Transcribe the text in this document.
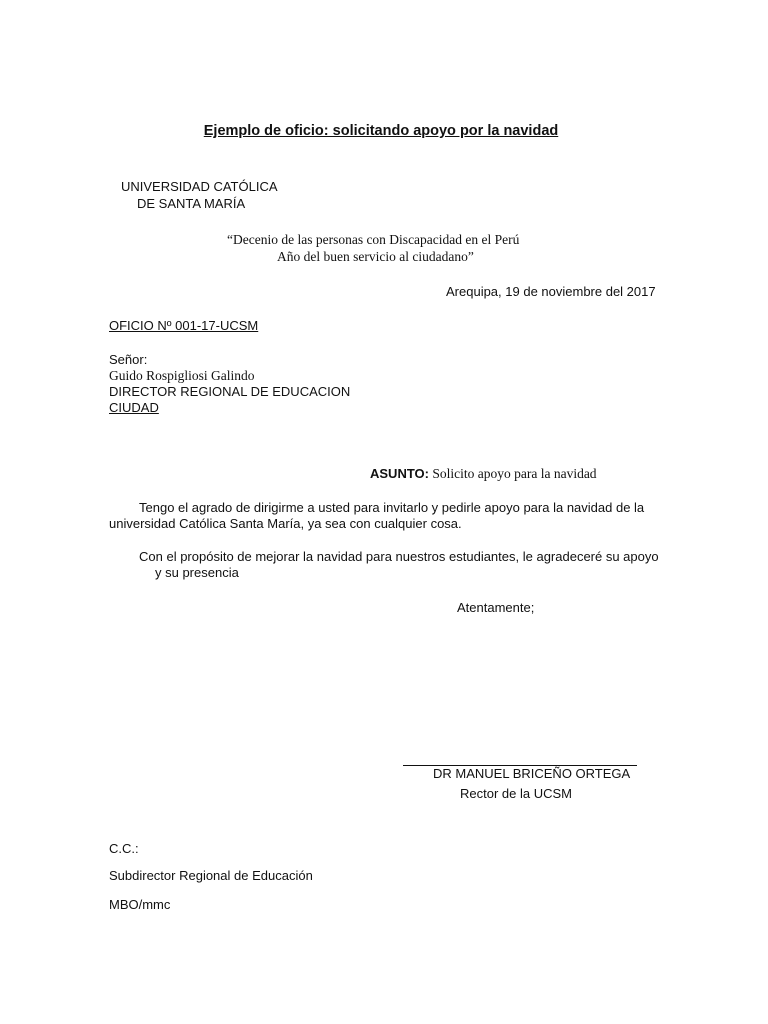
Ejemplo de oficio: solicitando apoyo por la navidad
UNIVERSIDAD CATÓLICA
DE SANTA MARÍA
“Decenio de las personas con Discapacidad en el Perú
Año del buen servicio al ciudadano”
Arequipa, 19 de noviembre del 2017
OFICIO Nº 001-17-UCSM
Señor:
Guido Rospigliosi Galindo
DIRECTOR REGIONAL DE EDUCACION
CIUDAD
ASUNTO: Solicito apoyo para la navidad
Tengo el agrado de dirigirme a usted para invitarlo y pedirle apoyo para la navidad de la
universidad Católica Santa María, ya sea con cualquier cosa.
Con el propósito de mejorar la navidad para nuestros estudiantes, le agradeceré su apoyo
y su presencia
Atentamente;
DR MANUEL BRICEÑO ORTEGA
Rector de la UCSM
C.C.:
Subdirector Regional de Educación
MBO/mmc
